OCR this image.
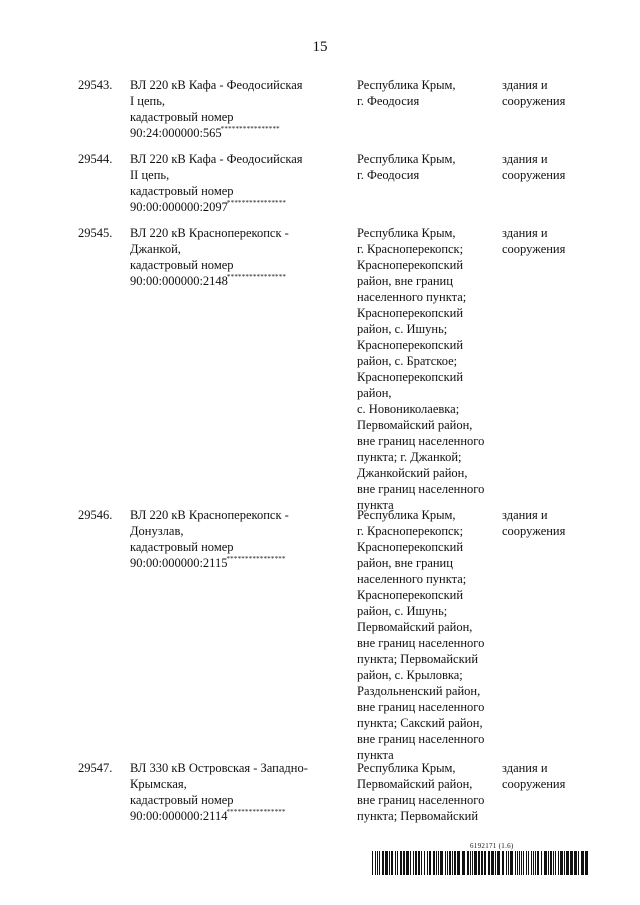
15
29543. ВЛ 220 кВ Кафа - Феодосийская
I цепь,
кадастровый номер
90:24:000000:565****************
Республика Крым,
г. Феодосия
здания и
сооружения
29544. ВЛ 220 кВ Кафа - Феодосийская
II цепь,
кадастровый номер
90:00:000000:2097****************
Республика Крым,
г. Феодосия
здания и
сооружения
29545. ВЛ 220 кВ Красноперекопск -
Джанкой,
кадастровый номер
90:00:000000:2148****************
Республика Крым,
г. Красноперекопск;
Красноперекопский
район, вне границ
населенного пункта;
Красноперекопский
район, с. Ишунь;
Красноперекопский
район, с. Братское;
Красноперекопский
район,
с. Новониколаевка;
Первомайский район,
вне границ населенного
пункта; г. Джанкой;
Джанкойский район,
вне границ населенного
пункта
здания и
сооружения
29546. ВЛ 220 кВ Красноперекопск -
Донузлав,
кадастровый номер
90:00:000000:2115****************
Республика Крым,
г. Красноперекопск;
Красноперекопский
район, вне границ
населенного пункта;
Красноперекопский
район, с. Ишунь;
Первомайский район,
вне границ населенного
пункта; Первомайский
район, с. Крыловка;
Раздольненский район,
вне границ населенного
пункта; Сакский район,
вне границ населенного
пункта
здания и
сооружения
29547. ВЛ 330 кВ Островская - Западно-
Крымская,
кадастровый номер
90:00:000000:2114****************
Республика Крым,
Первомайский район,
вне границ населенного
пункта; Первомайский
здания и
сооружения
6192171 (1.6)
